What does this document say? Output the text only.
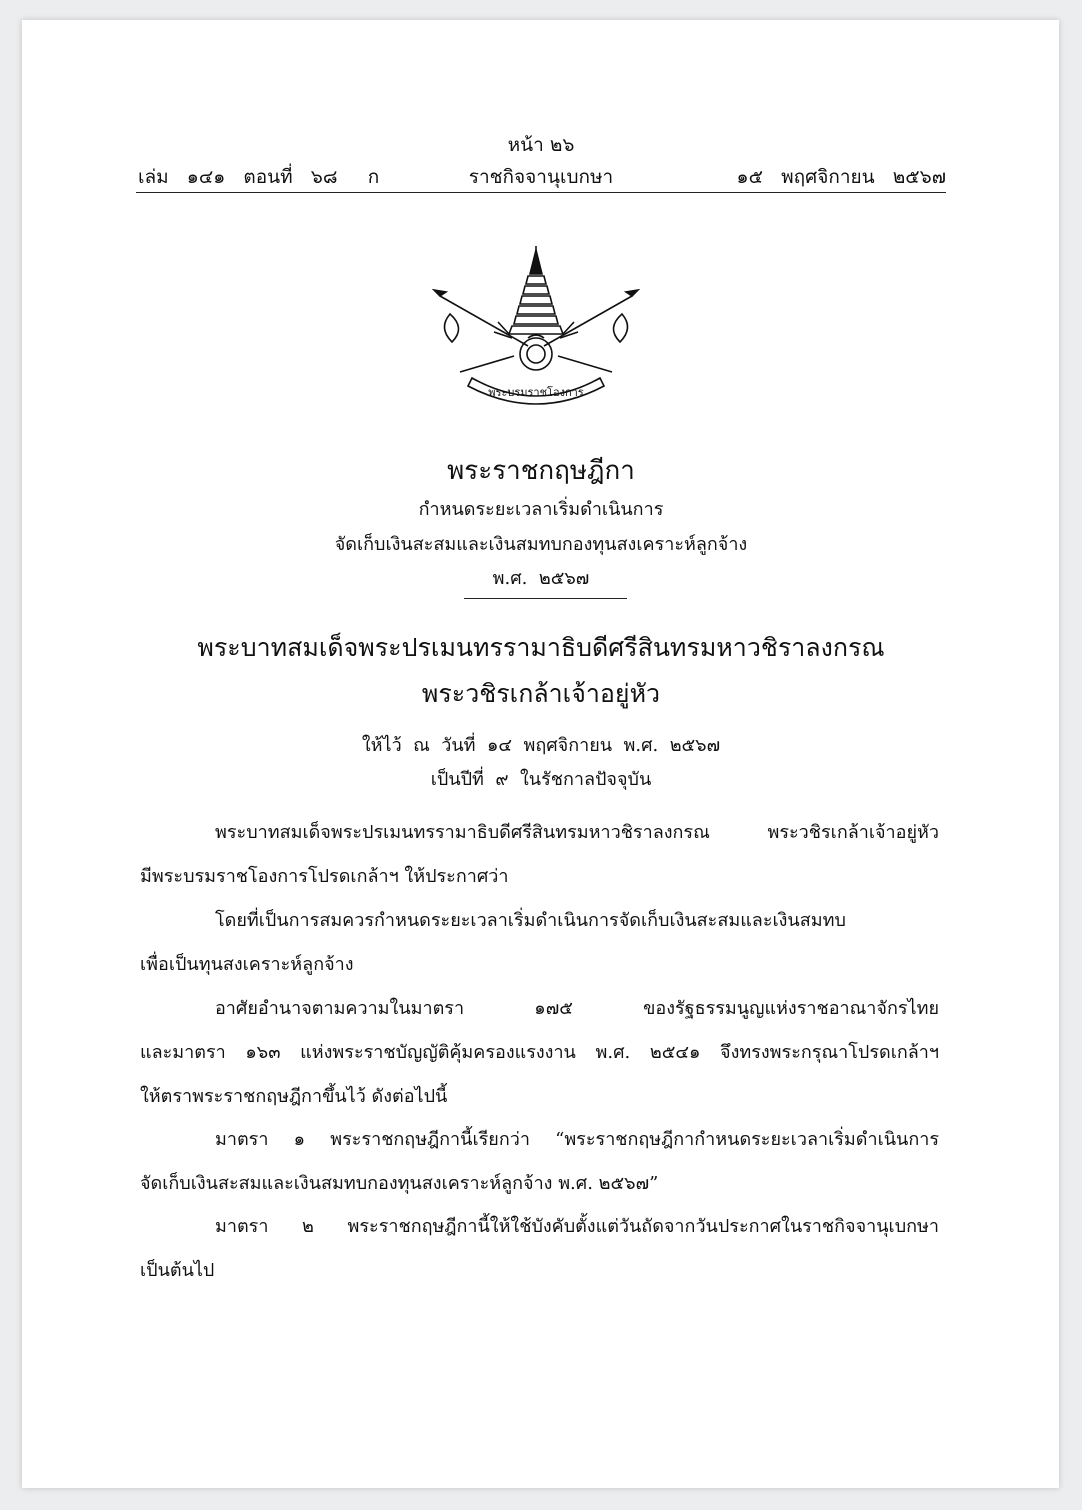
หน้า ๒๖
เล่ม   ๑๔๑   ตอนที่   ๖๘     ก	ราชกิจจานุเบกษา	๑๕   พฤศจิกายน   ๒๕๖๗
พระบรมราชโองการ
พระราชกฤษฎีกา
กำหนดระยะเวลาเริ่มดำเนินการ
จัดเก็บเงินสะสมและเงินสมทบกองทุนสงเคราะห์ลูกจ้าง
พ.ศ.  ๒๕๖๗
พระบาทสมเด็จพระปรเมนทรรามาธิบดีศรีสินทรมหาวชิราลงกรณ
พระวชิรเกล้าเจ้าอยู่หัว
ให้ไว้  ณ  วันที่  ๑๔  พฤศจิกายน  พ.ศ.  ๒๕๖๗
เป็นปีที่  ๙  ในรัชกาลปัจจุบัน
พระบาทสมเด็จพระปรเมนทรรามาธิบดีศรีสินทรมหาวชิราลงกรณ พระวชิรเกล้าเจ้าอยู่หัว
มีพระบรมราชโองการโปรดเกล้าฯ ให้ประกาศว่า
โดยที่เป็นการสมควรกำหนดระยะเวลาเริ่มดำเนินการจัดเก็บเงินสะสมและเงินสมทบ
เพื่อเป็นทุนสงเคราะห์ลูกจ้าง
อาศัยอำนาจตามความในมาตรา ๑๗๕ ของรัฐธรรมนูญแห่งราชอาณาจักรไทย
และมาตรา ๑๖๓ แห่งพระราชบัญญัติคุ้มครองแรงงาน พ.ศ. ๒๕๔๑ จึงทรงพระกรุณาโปรดเกล้าฯ
ให้ตราพระราชกฤษฎีกาขึ้นไว้ ดังต่อไปนี้
มาตรา ๑ พระราชกฤษฎีกานี้เรียกว่า “พระราชกฤษฎีกากำหนดระยะเวลาเริ่มดำเนินการ
จัดเก็บเงินสะสมและเงินสมทบกองทุนสงเคราะห์ลูกจ้าง พ.ศ. ๒๕๖๗”
มาตรา ๒ พระราชกฤษฎีกานี้ให้ใช้บังคับตั้งแต่วันถัดจากวันประกาศในราชกิจจานุเบกษา
เป็นต้นไป
